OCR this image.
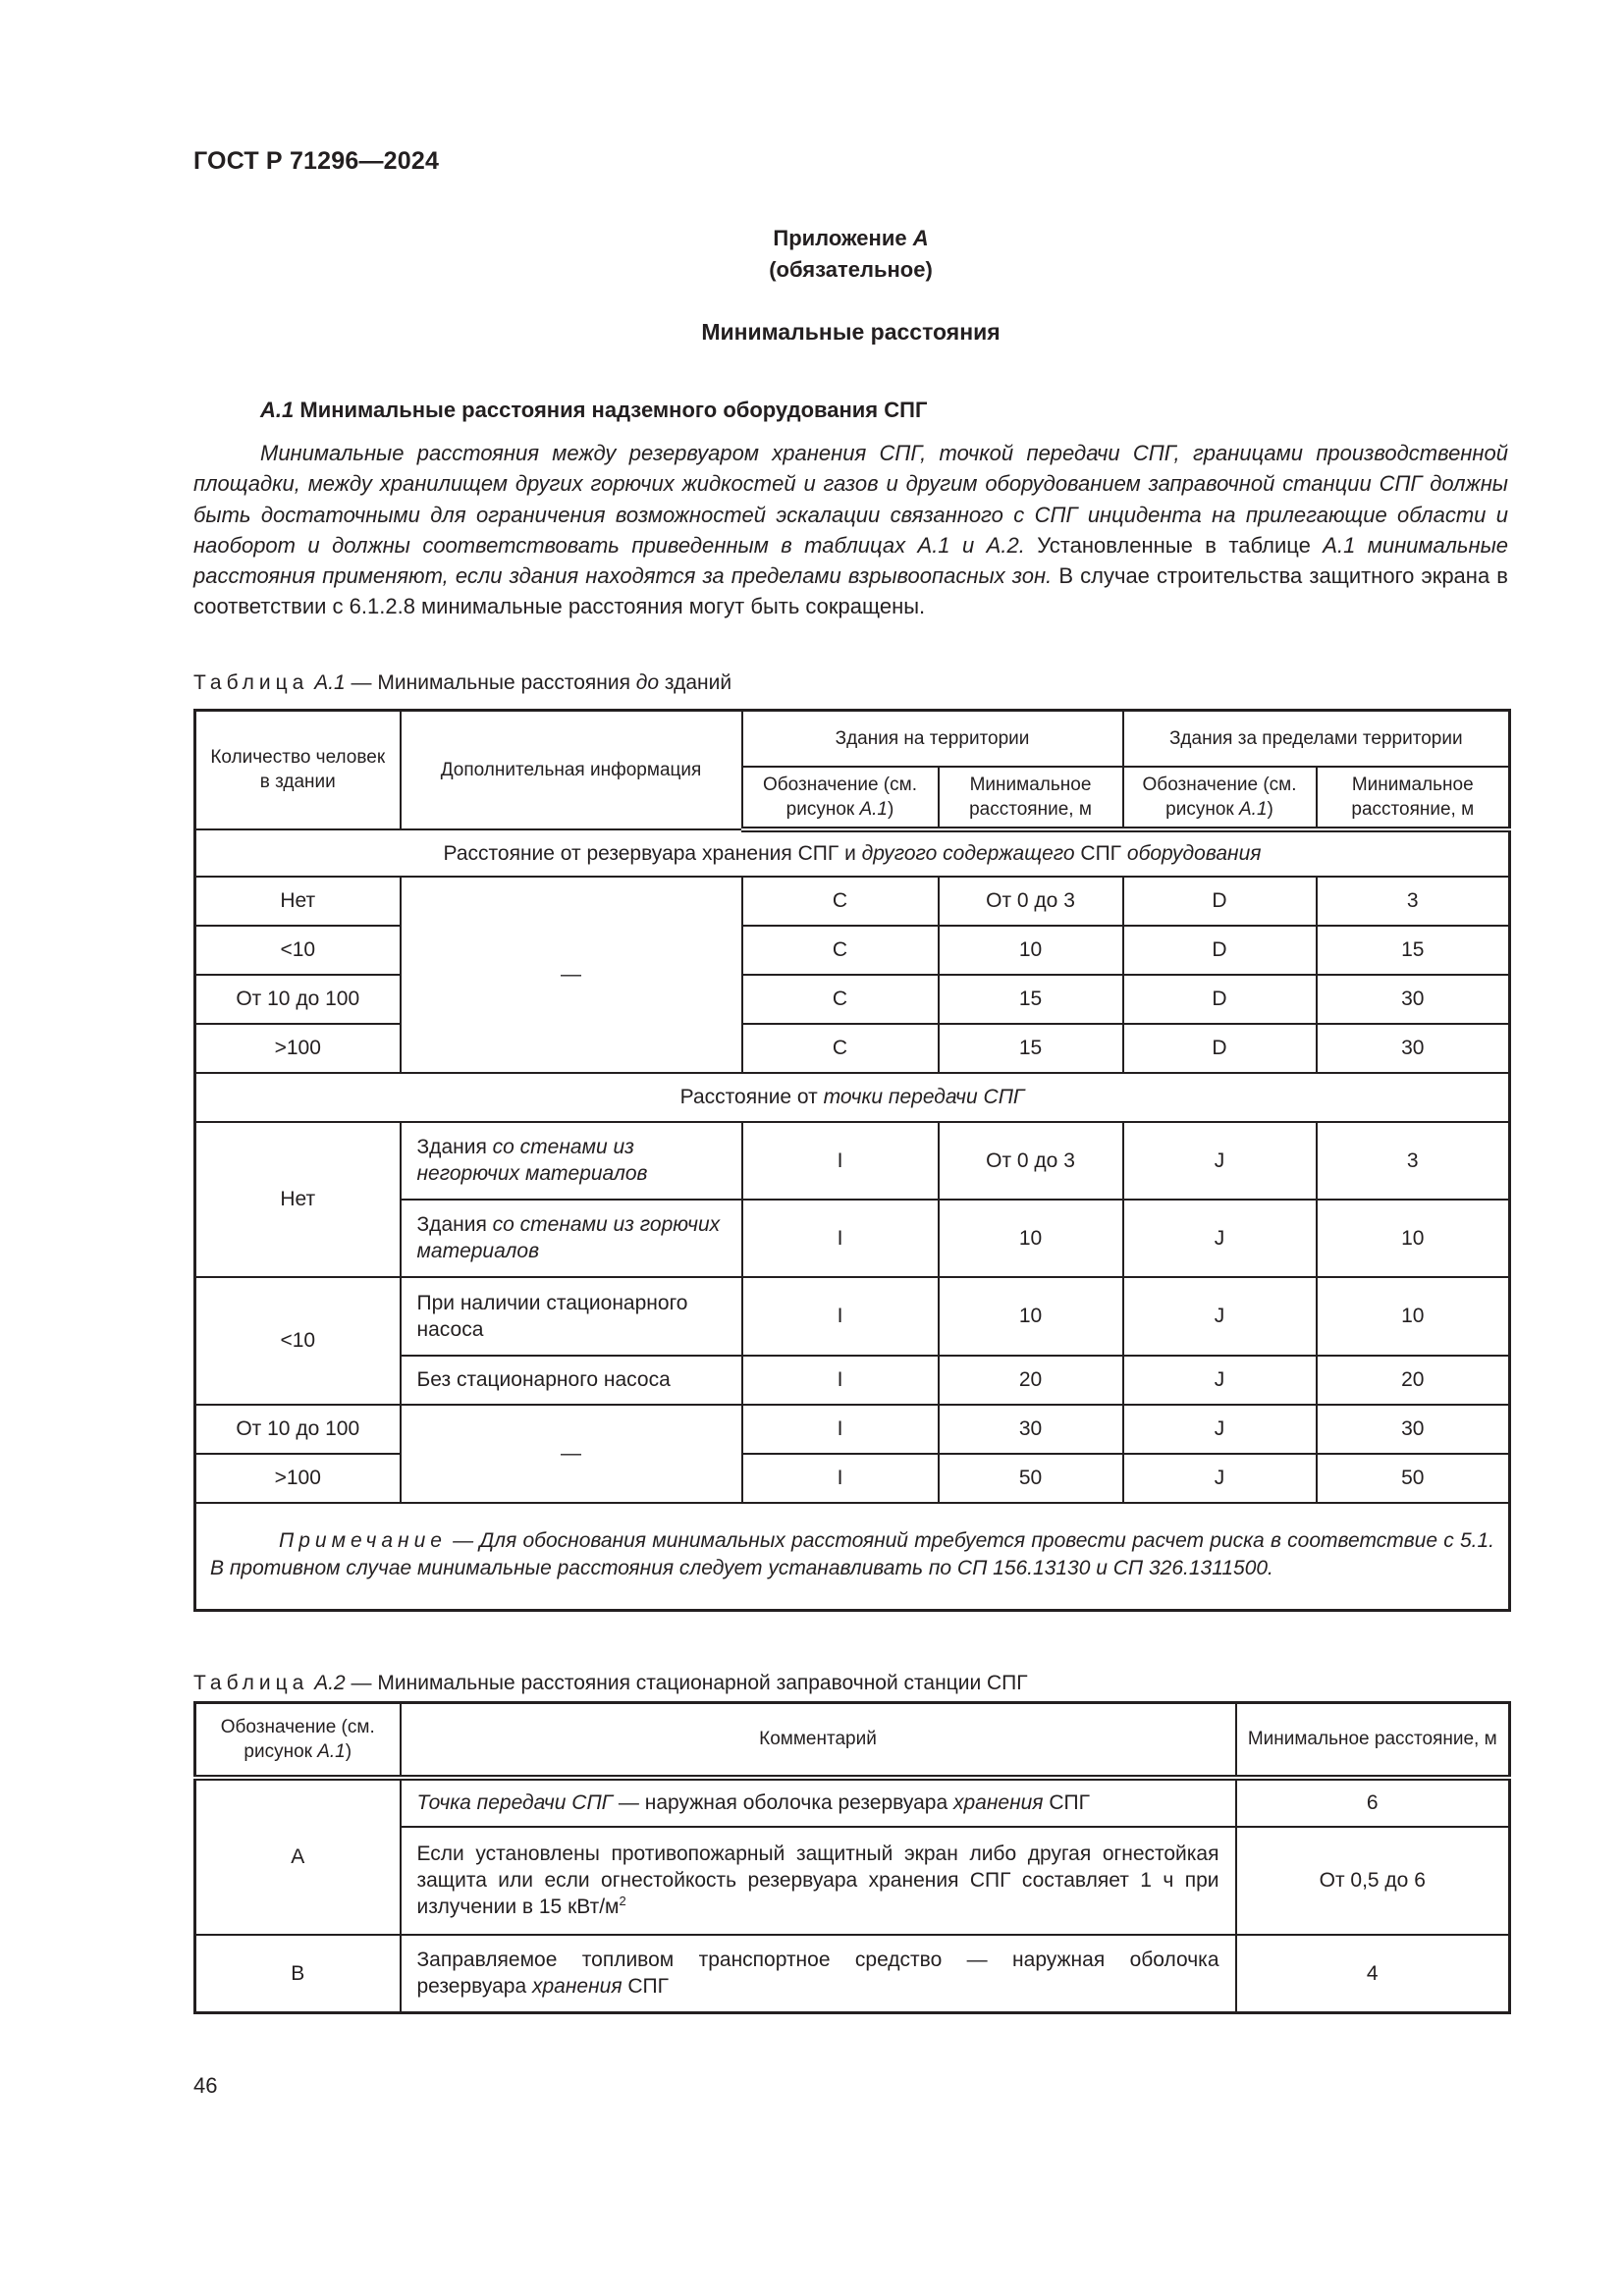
ГОСТ Р 71296—2024
Приложение А
(обязательное)
Минимальные расстояния
А.1 Минимальные расстояния надземного оборудования СПГ
Минимальные расстояния между резервуаром хранения СПГ, точкой передачи СПГ, границами производственной площадки, между хранилищем других горючих жидкостей и газов и другим оборудованием заправочной станции СПГ должны быть достаточными для ограничения возможностей эскалации связанного с СПГ инцидента на прилегающие области и наоборот и должны соответствовать приведенным в таблицах А.1 и А.2. Установленные в таблице А.1 минимальные расстояния применяют, если здания находятся за пределами взрывоопасных зон. В случае строительства защитного экрана в соответствии с 6.1.2.8 минимальные расстояния могут быть сокращены.
Таблица А.1 — Минимальные расстояния до зданий
Количество человек в здании	Дополнительная информация	Здания на территории		Здания за пределами территории	
		Обозначение (см. рисунок А.1)	Минимальное расстояние, м	Обозначение (см. рисунок А.1)	Минимальное расстояние, м
Расстояние от резервуара хранения СПГ и другого содержащего СПГ оборудования					
Нет	—	C	От 0 до 3	D	3
<10		C	10	D	15
От 10 до 100		C	15	D	30
>100		C	15	D	30
Расстояние от точки передачи СПГ					
Нет	Здания со стенами из негорючих материалов	I	От 0 до 3	J	3
	Здания со стенами из горючих материалов	I	10	J	10
<10	При наличии стационарного насоса	I	10	J	10
	Без стационарного насоса	I	20	J	20
От 10 до 100	—	I	30	J	30
>100		I	50	J	50
Примечание — Для обоснования минимальных расстояний требуется провести расчет риска в соответствие с 5.1. В противном случае минимальные расстояния следует устанавливать по СП 156.13130 и СП 326.1311500.					
Таблица А.2 — Минимальные расстояния стационарной заправочной станции СПГ
Обозначение (см. рисунок А.1)	Комментарий	Минимальное расстояние, м
А	Точка передачи СПГ — наружная оболочка резервуара хранения СПГ	6
	Если установлены противопожарный защитный экран либо другая огнестойкая защита или если огнестойкость резервуара хранения СПГ составляет 1 ч при излучении в 15 кВт/$м^2$	От 0,5 до 6
В	Заправляемое топливом транспортное средство — наружная оболочка резервуара хранения СПГ	4
46
